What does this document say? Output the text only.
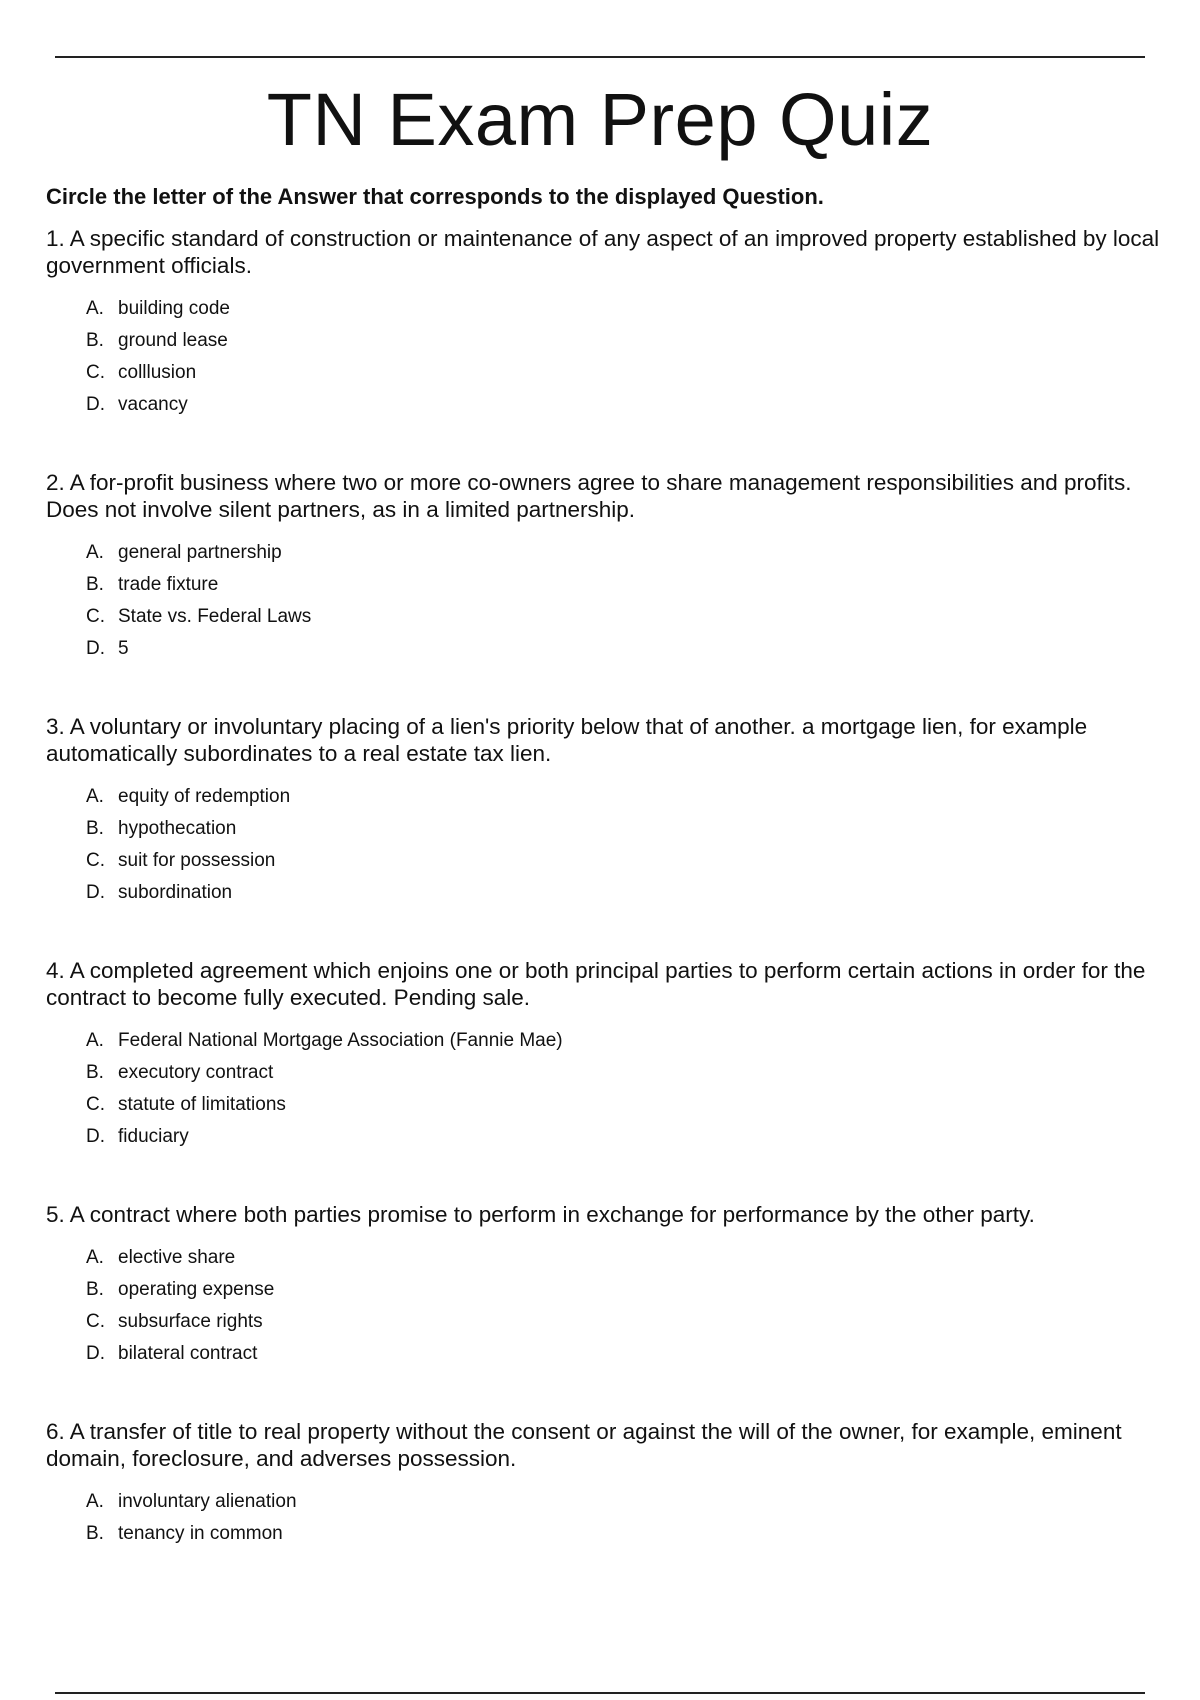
TN Exam Prep Quiz
Circle the letter of the Answer that corresponds to the displayed Question.
1. A specific standard of construction or maintenance of any aspect of an improved property established by local government officials.
A. building code
B. ground lease
C. colllusion
D. vacancy
2. A for-profit business where two or more co-owners agree to share management responsibilities and profits. Does not involve silent partners, as in a limited partnership.
A. general partnership
B. trade fixture
C. State vs. Federal Laws
D. 5
3. A voluntary or involuntary placing of a lien's priority below that of another. a mortgage lien, for example automatically subordinates to a real estate tax lien.
A. equity of redemption
B. hypothecation
C. suit for possession
D. subordination
4. A completed agreement which enjoins one or both principal parties to perform certain actions in order for the contract to become fully executed. Pending sale.
A. Federal National Mortgage Association (Fannie Mae)
B. executory contract
C. statute of limitations
D. fiduciary
5. A contract where both parties promise to perform in exchange for performance by the other party.
A. elective share
B. operating expense
C. subsurface rights
D. bilateral contract
6. A transfer of title to real property without the consent or against the will of the owner, for example, eminent domain, foreclosure, and adverses possession.
A. involuntary alienation
B. tenancy in common
